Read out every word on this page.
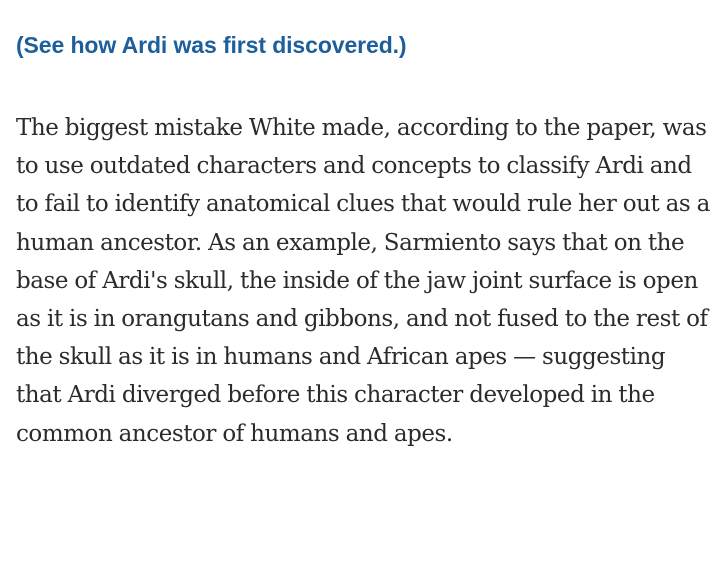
(See how Ardi was first discovered.)

The biggest mistake White made, according to the paper, was to use outdated characters and concepts to classify Ardi and to fail to identify anatomical clues that would rule her out as a human ancestor. As an example, Sarmiento says that on the base of Ardi's skull, the inside of the jaw joint surface is open as it is in orangutans and gibbons, and not fused to the rest of the skull as it is in humans and African apes — suggesting that Ardi diverged before this character developed in the common ancestor of humans and apes.
